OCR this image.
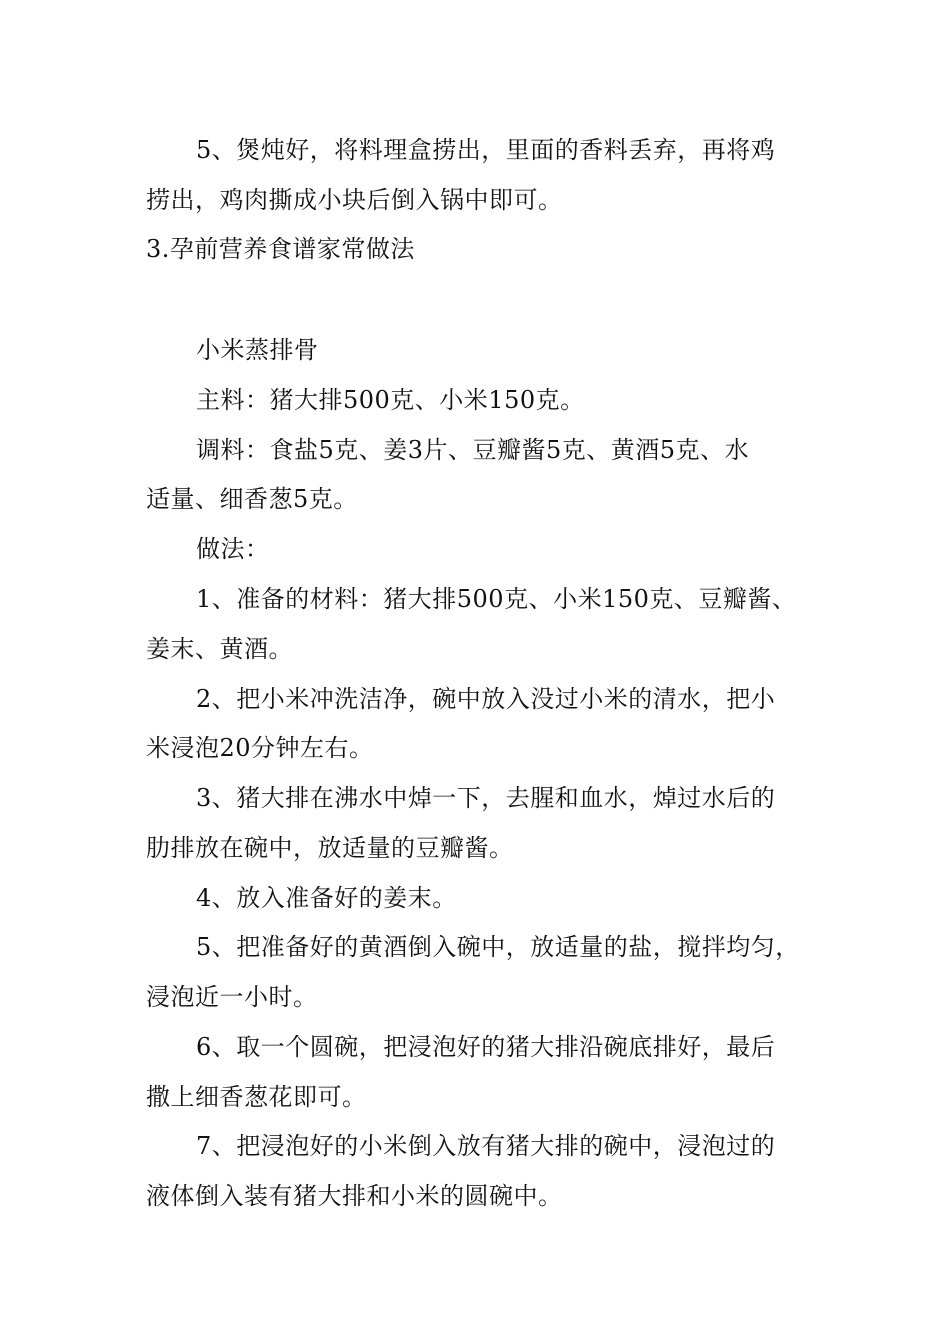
5、煲炖好，将料理盒捞出，里面的香料丢弃，再将鸡
捞出，鸡肉撕成小块后倒入锅中即可。
3.孕前营养食谱家常做法
小米蒸排骨
主料：猪大排500克、小米150克。
调料：食盐5克、姜3片、豆瓣酱5克、黄酒5克、水
适量、细香葱5克。
做法：
1、准备的材料：猪大排500克、小米150克、豆瓣酱、
姜末、黄酒。
2、把小米冲洗洁净，碗中放入没过小米的清水，把小
米浸泡20分钟左右。
3、猪大排在沸水中焯一下，去腥和血水，焯过水后的
肋排放在碗中，放适量的豆瓣酱。
4、放入准备好的姜末。
5、把准备好的黄酒倒入碗中，放适量的盐，搅拌均匀，
浸泡近一小时。
6、取一个圆碗，把浸泡好的猪大排沿碗底排好，最后
撒上细香葱花即可。
7、把浸泡好的小米倒入放有猪大排的碗中，浸泡过的
液体倒入装有猪大排和小米的圆碗中。
